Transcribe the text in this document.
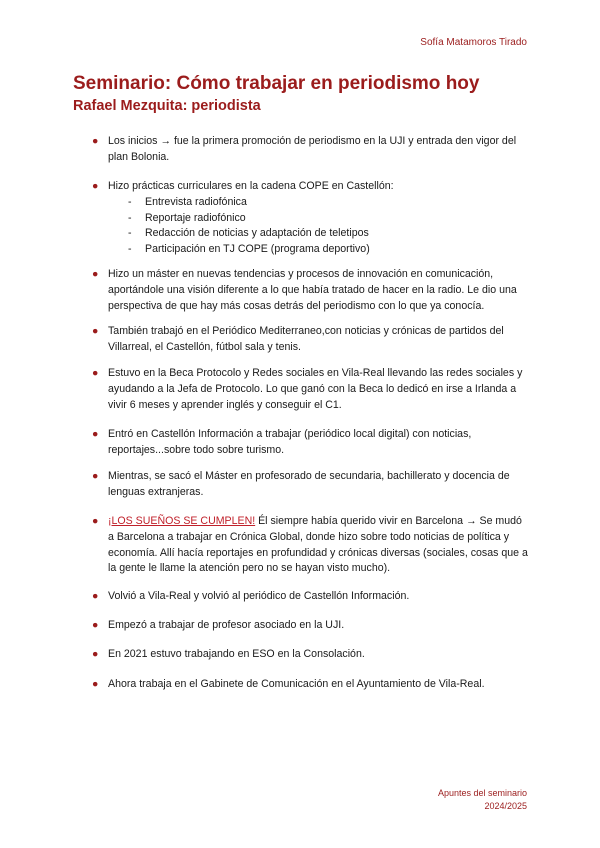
Sofía Matamoros Tirado
Seminario: Cómo trabajar en periodismo hoy
Rafael Mezquita: periodista
● Los inicios → fue la primera promoción de periodismo en la UJI y entrada den vigor del plan Bolonia.
● Hizo prácticas curriculares en la cadena COPE en Castellón:
- Entrevista radiofónica
- Reportaje radiofónico
- Redacción de noticias y adaptación de teletipos
- Participación en TJ COPE (programa deportivo)
● Hizo un máster en nuevas tendencias y procesos de innovación en comunicación, aportándole una visión diferente a lo que había tratado de hacer en la radio. Le dio una perspectiva de que hay más cosas detrás del periodismo con lo que ya conocía.
● También trabajó en el Periódico Mediterraneo,con noticias y crónicas de partidos del Villarreal, el Castellón, fútbol sala y tenis.
● Estuvo en la Beca Protocolo y Redes sociales en Vila-Real llevando las redes sociales y ayudando a la Jefa de Protocolo. Lo que ganó con la Beca lo dedicó en irse a Irlanda a vivir 6 meses y aprender inglés y conseguir el C1.
● Entró en Castellón Información a trabajar (periódico local digital) con noticias, reportajes...sobre todo sobre turismo.
● Mientras, se sacó el Máster en profesorado de secundaria, bachillerato y docencia de lenguas extranjeras.
● ¡LOS SUEÑOS SE CUMPLEN! Él siempre había querido vivir en Barcelona → Se mudó a Barcelona a trabajar en Crónica Global, donde hizo sobre todo noticias de política y economía. Allí hacía reportajes en profundidad y crónicas diversas (sociales, cosas que a la gente le llame la atención pero no se hayan visto mucho).
● Volvió a Vila-Real y volvió al periódico de Castellón Información.
● Empezó a trabajar de profesor asociado en la UJI.
● En 2021 estuvo trabajando en ESO en la Consolación.
● Ahora trabaja en el Gabinete de Comunicación en el Ayuntamiento de Vila-Real.
Apuntes del seminario
2024/2025
